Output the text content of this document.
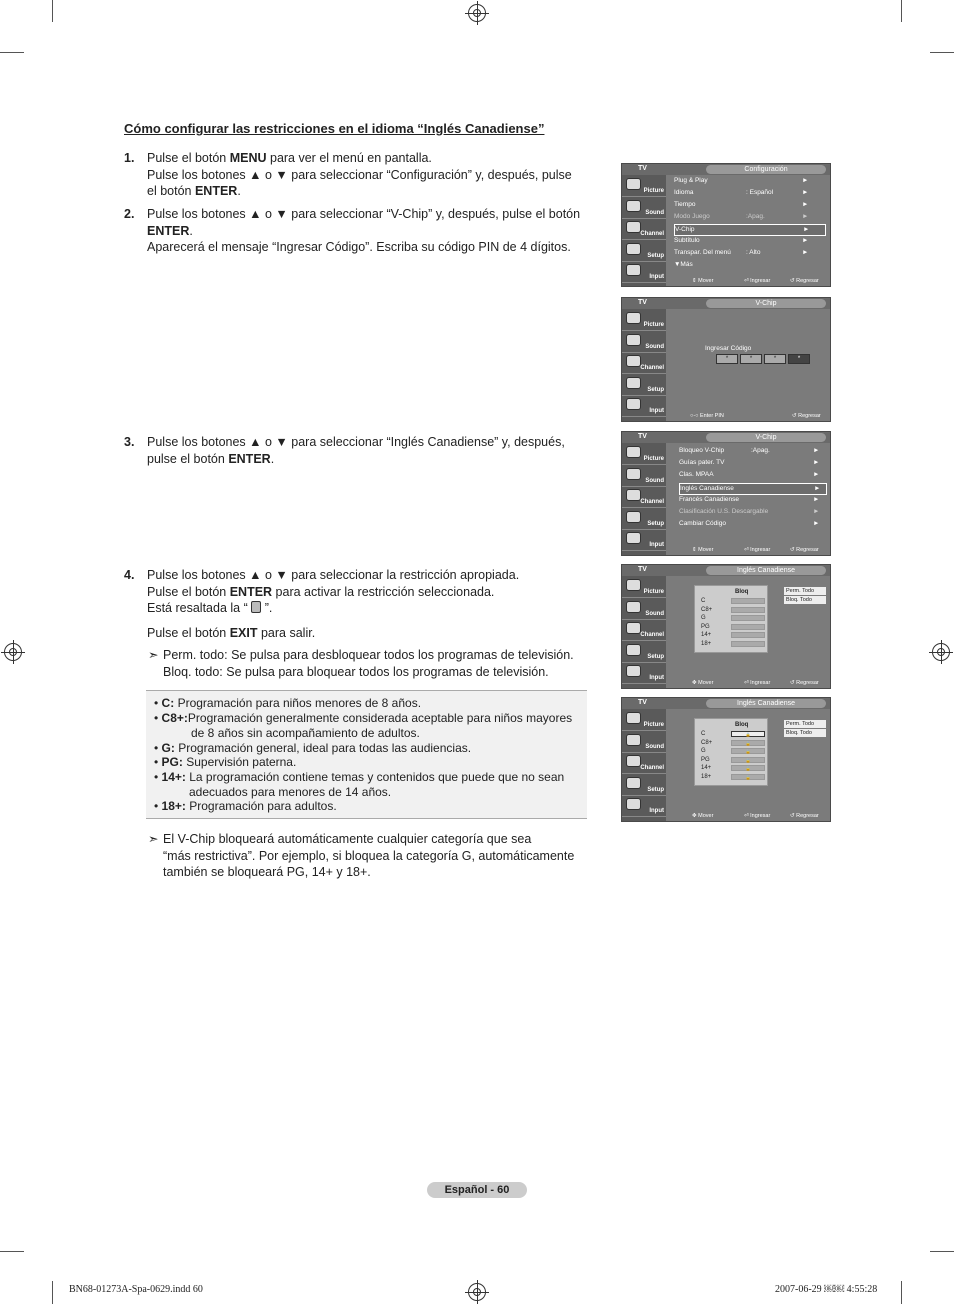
Cómo configurar las restricciones en el idioma “Inglés Canadiense”
1. Pulse el botón MENU para ver el menú en pantalla.
Pulse los botones ▲ o ▼ para seleccionar “Configuración” y, después, pulse
el botón ENTER.
2. Pulse los botones ▲ o ▼ para seleccionar “V-Chip” y, después, pulse el botón
ENTER.
Aparecerá el mensaje “Ingresar Código”. Escriba su código PIN de 4 dígitos.
3. Pulse los botones ▲ o ▼ para seleccionar “Inglés Canadiense” y, después,
pulse el botón ENTER.
4. Pulse los botones ▲ o ▼ para seleccionar la restricción apropiada.
Pulse el botón ENTER para activar la restricción seleccionada.
Está resaltada la “ ”.
Pulse el botón EXIT para salir.
➣ Perm. todo: Se pulsa para desbloquear todos los programas de televisión.
Bloq. todo: Se pulsa para bloquear todos los programas de televisión.
• C: Programación para niños menores de 8 años.
• C8+:Programación generalmente considerada aceptable para niños mayores
de 8 años sin acompañamiento de adultos.
• G: Programación general, ideal para todas las audiencias.
• PG: Supervisión paterna.
• 14+: La programación contiene temas y contenidos que puede que no sean
adecuados para menores de 14 años.
• 18+: Programación para adultos.
➣ El V-Chip bloqueará automáticamente cualquier categoría que sea
“más restrictiva”. Por ejemplo, si bloquea la categoría G, automáticamente
también se bloqueará PG, 14+ y 18+.
TV	Configuración
Picture
Sound
Channel
Setup
Input
⇕ Mover	⏎ Ingresar	↺ Regresar
Plug & Play	►
Idioma	: Español	►
Tiempo	►
Modo Juego	:Apag.	►
V-Chip	►
Subtítulo	►
Transpar. Del menú : Alto	►
▼Más
TV	V-Chip
Picture
Sound
Channel
Setup
Input
○-○ Enter PIN	↺ Regresar
Ingresar Código
*	*	*	*
TV	V-Chip
Picture
Sound
Channel
Setup
Input
⇕ Mover	⏎ Ingresar	↺ Regresar
Bloqueo V-Chip	:Apag.	►
Guías pater. TV	►
Clas. MPAA	►
Inglés Canadiense	►
Francés Canadiense	►
Clasificación U.S. Descargable	►
Cambiar Código	►
TV	Inglés Canadiense
Picture
Sound
Channel
Setup
Input
✥ Mover	⏎ Ingresar	↺ Regresar
Bloq
C
C8+
G
PG
14+
18+
Perm. Todo
Bloq. Todo
TV	Inglés Canadiense
Picture
Sound
Channel
Setup
Input
✥ Mover	⏎ Ingresar	↺ Regresar
Bloq
C	🔒
C8+	🔒
G	🔒
PG	🔒
14+	🔒
18+	🔒
Perm. Todo
Bloq. Todo
Español - 60
BN68-01273A-Spa-0629.indd 60	2007-06-29 ￼￼ 4:55:28
